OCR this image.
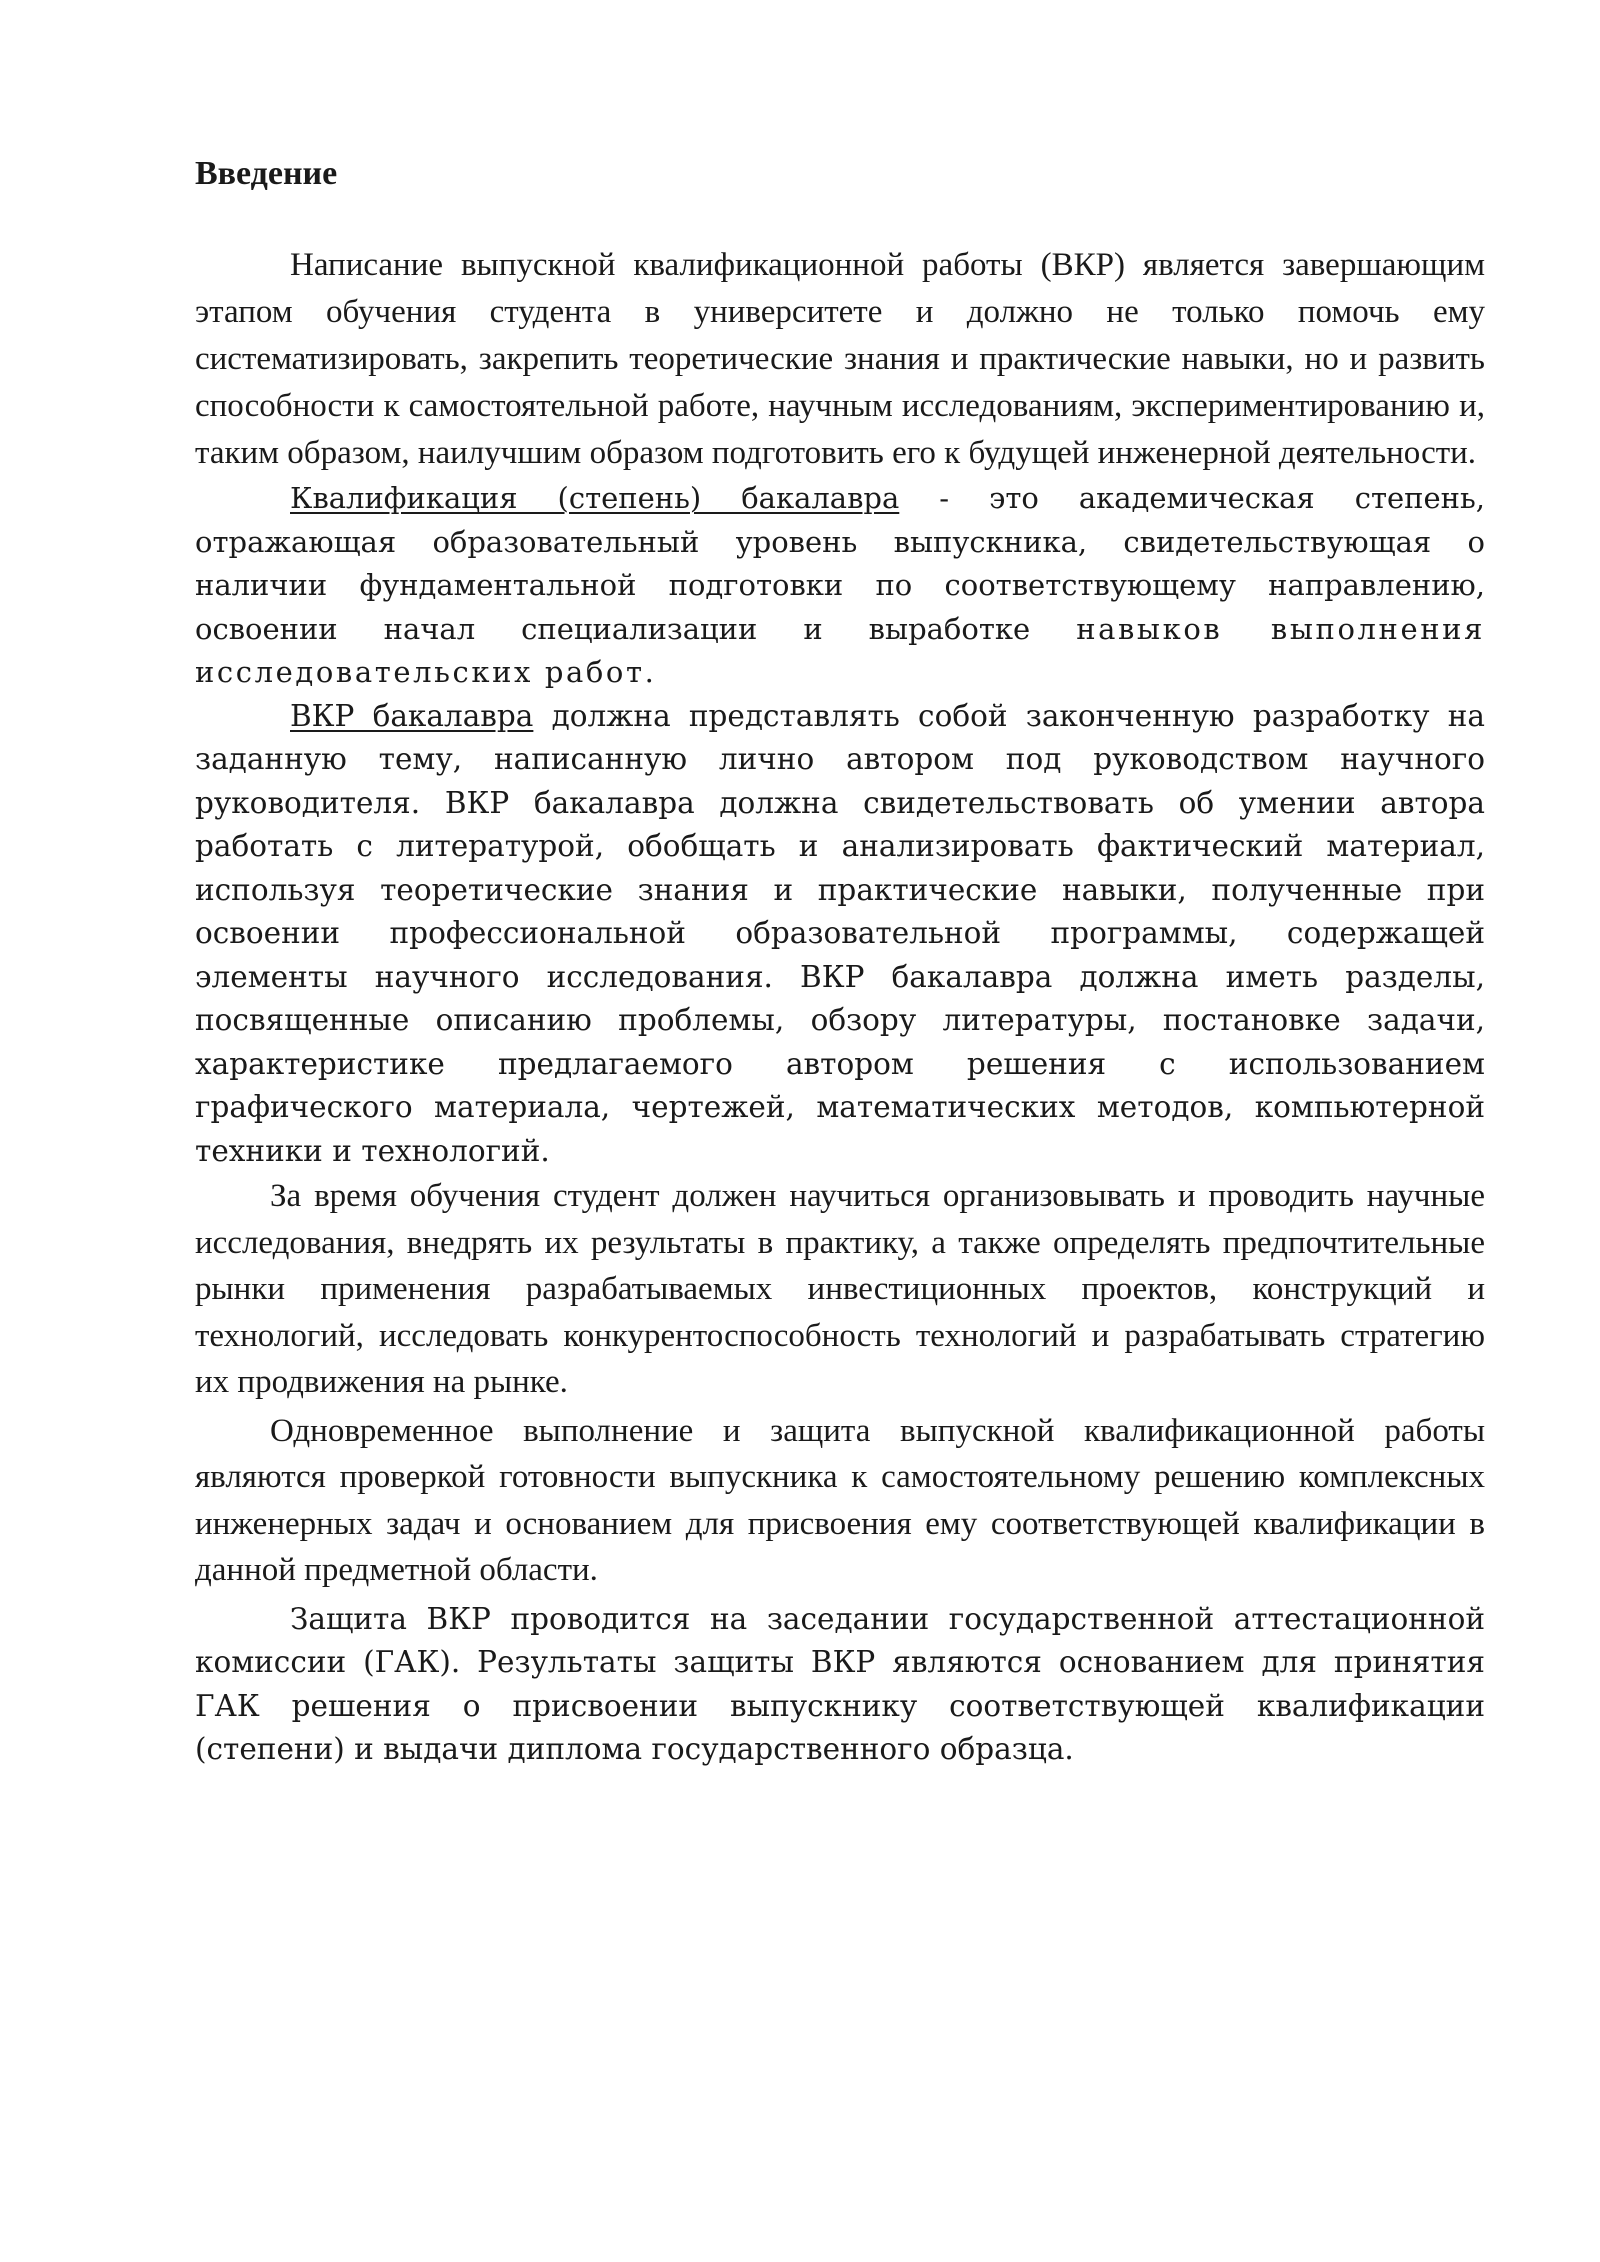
Введение

Написание выпускной квалификационной работы (ВКР) является завершающим этапом обучения студента в университете и должно не только помочь ему систематизировать, закрепить теоретические знания и практические навыки, но и развить способности к самостоятельной работе, научным исследованиям, экспериментированию и, таким образом, наилучшим образом подготовить его к будущей инженерной деятельности.

Квалификация (степень) бакалавра - это академическая степень, отражающая образовательный уровень выпускника, свидетельствующая о наличии фундаментальной подготовки по соответствующему направлению, освоении начал специализации и выработке навыков выполнения исследовательских работ.

ВКР бакалавра должна представлять собой законченную разработку на заданную тему, написанную лично автором под руководством научного руководителя. ВКР бакалавра должна свидетельствовать об умении автора работать с литературой, обобщать и анализировать фактический материал, используя теоретические знания и практические навыки, полученные при освоении профессиональной образовательной программы, содержащей элементы научного исследования. ВКР бакалавра должна иметь разделы, посвященные описанию проблемы, обзору литературы, постановке задачи, характеристике предлагаемого автором решения с использованием графического материала, чертежей, математических методов, компьютерной техники и технологий.

За время обучения студент должен научиться организовывать и проводить научные исследования, внедрять их результаты в практику, а также определять предпочтительные рынки применения разрабатываемых инвестиционных проектов, конструкций и технологий, исследовать конкурентоспособность технологий и разрабатывать стратегию их продвижения на рынке.

Одновременное выполнение и защита выпускной квалификационной работы являются проверкой готовности выпускника к самостоятельному решению комплексных инженерных задач и основанием для присвоения ему соответствующей квалификации в данной предметной области.

Защита ВКР проводится на заседании государственной аттестационной комиссии (ГАК). Результаты защиты ВКР являются основанием для принятия ГАК решения о присвоении выпускнику соответствующей квалификации (степени) и выдачи диплома государственного образца.
